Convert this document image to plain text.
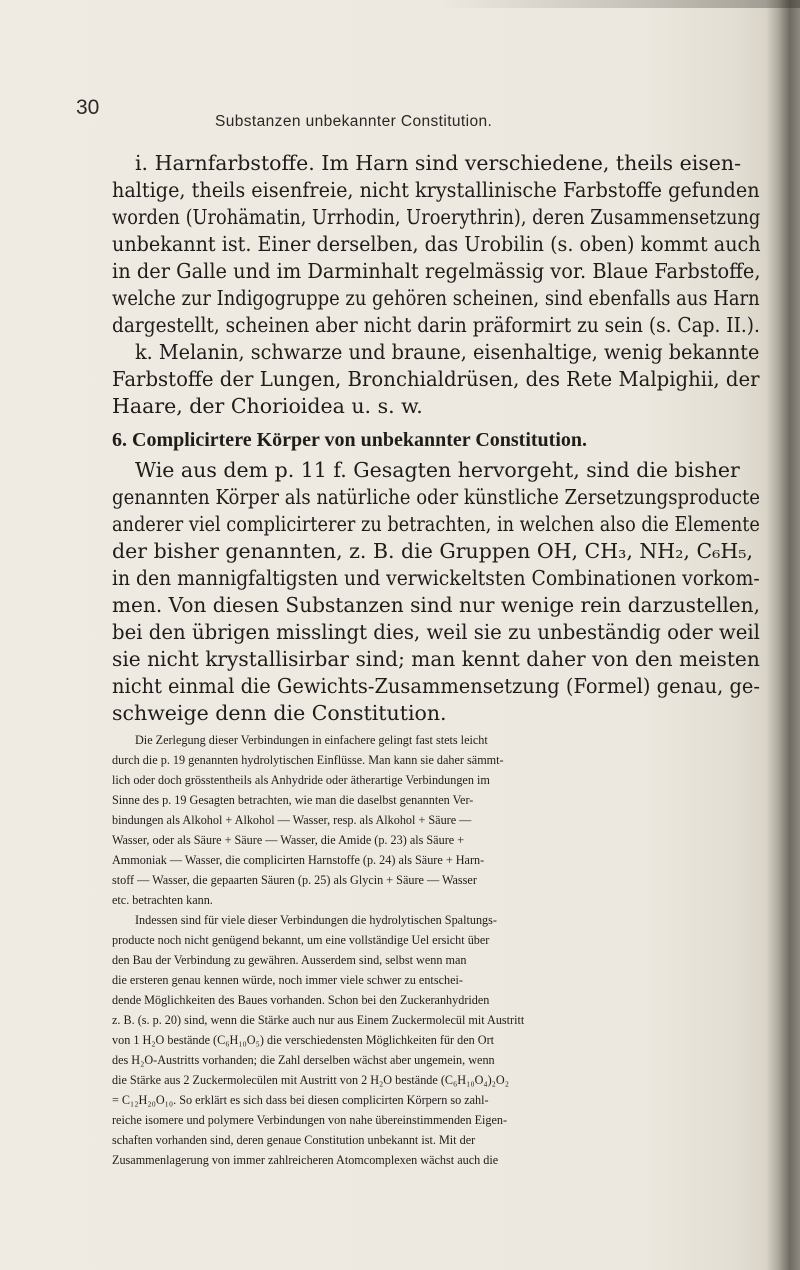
30
Substanzen unbekannter Constitution.
i. Harnfarbstoffe. Im Harn sind verschiedene, theils eisen-
haltige, theils eisenfreie, nicht krystallinische Farbstoffe gefunden
worden (Urohämatin, Urrhodin, Uroerythrin), deren Zusammensetzung
unbekannt ist. Einer derselben, das Urobilin (s. oben) kommt auch
in der Galle und im Darminhalt regelmässig vor. Blaue Farbstoffe,
welche zur Indigogruppe zu gehören scheinen, sind ebenfalls aus Harn
dargestellt, scheinen aber nicht darin präformirt zu sein (s. Cap. II.).
k. Melanin, schwarze und braune, eisenhaltige, wenig bekannte
Farbstoffe der Lungen, Bronchialdrüsen, des Rete Malpighii, der
Haare, der Chorioidea u. s. w.
6. Complicirtere Körper von unbekannter Constitution.
Wie aus dem p. 11 f. Gesagten hervorgeht, sind die bisher
genannten Körper als natürliche oder künstliche Zersetzungsproducte
anderer viel complicirterer zu betrachten, in welchen also die Elemente
der bisher genannten, z. B. die Gruppen OH, CH₃, NH₂, C₆H₅,
in den mannigfaltigsten und verwickeltsten Combinationen vorkom-
men. Von diesen Substanzen sind nur wenige rein darzustellen,
bei den übrigen misslingt dies, weil sie zu unbeständig oder weil
sie nicht krystallisirbar sind; man kennt daher von den meisten
nicht einmal die Gewichts-Zusammensetzung (Formel) genau, ge-
schweige denn die Constitution.
Die Zerlegung dieser Verbindungen in einfachere gelingt fast stets leicht
durch die p. 19 genannten hydrolytischen Einflüsse. Man kann sie daher sämmt-
lich oder doch grösstentheils als Anhydride oder ätherartige Verbindungen im
Sinne des p. 19 Gesagten betrachten, wie man die daselbst genannten Ver-
bindungen als Alkohol + Alkohol — Wasser, resp. als Alkohol + Säure —
Wasser, oder als Säure + Säure — Wasser, die Amide (p. 23) als Säure +
Ammoniak — Wasser, die complicirten Harnstoffe (p. 24) als Säure + Harn-
stoff — Wasser, die gepaarten Säuren (p. 25) als Glycin + Säure — Wasser
etc. betrachten kann.
Indessen sind für viele dieser Verbindungen die hydrolytischen Spaltungs-
producte noch nicht genügend bekannt, um eine vollständige Uel ersicht über
den Bau der Verbindung zu gewähren. Ausserdem sind, selbst wenn man
die ersteren genau kennen würde, noch immer viele schwer zu entschei-
dende Möglichkeiten des Baues vorhanden. Schon bei den Zuckeranhydriden
z. B. (s. p. 20) sind, wenn die Stärke auch nur aus Einem Zuckermolecül mit Austritt
von 1 H₂O bestände (C₆H₁₀O₅) die verschiedensten Möglichkeiten für den Ort
des H₂O-Austritts vorhanden; die Zahl derselben wächst aber ungemein, wenn
die Stärke aus 2 Zuckermolecülen mit Austritt von 2 H₂O bestände (C₆H₁₀O₄)₂O₂
= C₁₂H₂₀O₁₀. So erklärt es sich dass bei diesen complicirten Körpern so zahl-
reiche isomere und polymere Verbindungen von nahe übereinstimmenden Eigen-
schaften vorhanden sind, deren genaue Constitution unbekannt ist. Mit der
Zusammenlagerung von immer zahlreicheren Atomcomplexen wächst auch die
